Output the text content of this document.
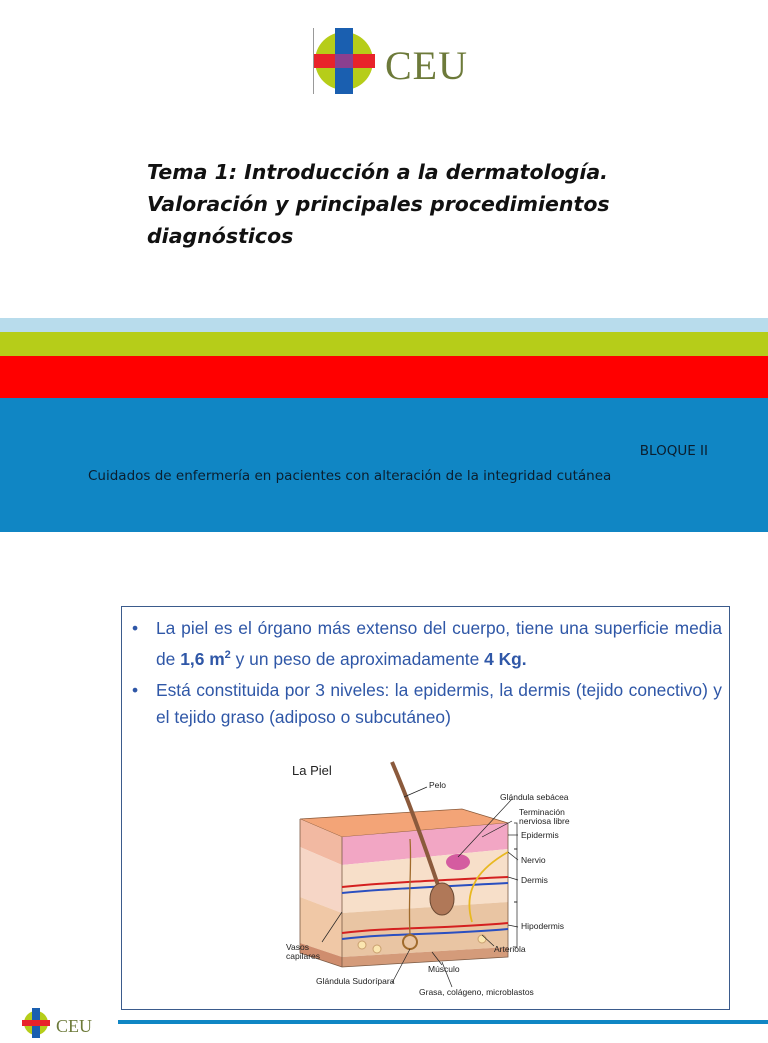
CEU
Tema 1: Introducción a la dermatología.
Valoración y principales procedimientos
diagnósticos
BLOQUE II
Cuidados de enfermería en pacientes con alteración de la integridad cutánea
• La piel es el órgano más extenso del cuerpo, tiene una superficie media de 1,6 $m^2$ y un peso de aproximadamente 4 Kg.
• Está constituida por 3 niveles: la epidermis, la dermis (tejido conectivo) y el tejido graso (adiposo o subcutáneo)
La Piel
Pelo
Glándula sebácea
Terminación
nerviosa libre
Epidermis
Nervio
Dermis
Hipodermis
Arteriola
Vasos
capilares
Músculo
Glándula Sudorípara
Grasa, colágeno, microblastos
CEU
